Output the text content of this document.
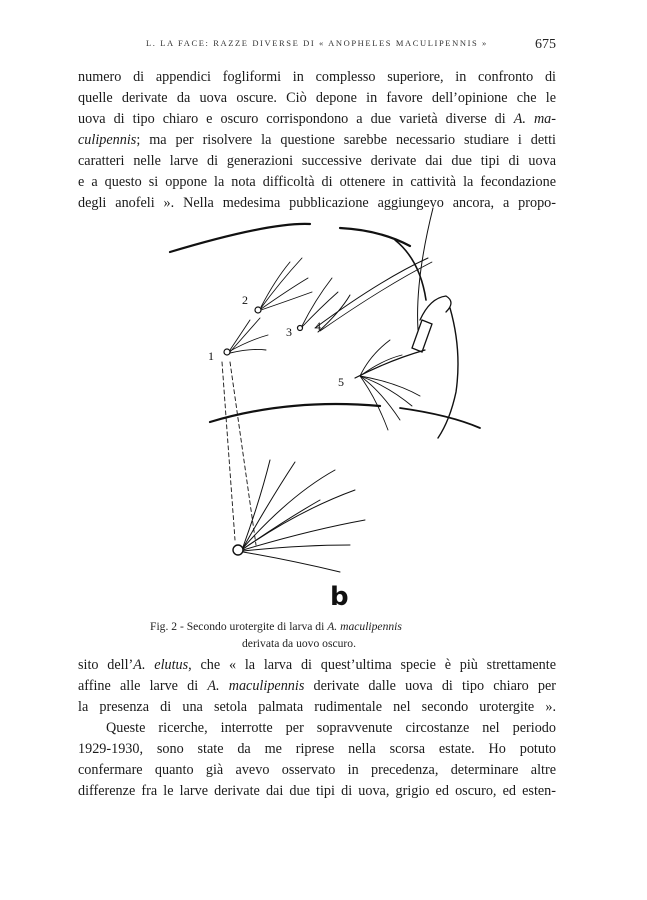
L. LA FACE: RAZZE DIVERSE DI « ANOPHELES MACULIPENNIS »	675

numero di appendici fogliformi in complesso superiore, in confronto di
quelle derivate da uova oscure. Ciò depone in favore dell’opinione che le
uova di tipo chiaro e oscuro corrispondono a due varietà diverse di A. ma-
culipennis; ma per risolvere la questione sarebbe necessario studiare i detti
caratteri nelle larve di generazioni successive derivate dai due tipi di uova
e a questo si oppone la nota difficoltà di ottenere in cattività la fecondazione
degli anofeli ». Nella medesima pubblicazione aggiungevo ancora, a propo-

1
2
3 4
5
b
Fig. 2 - Secondo urotergite di larva di A. maculipennis
derivata da uovo oscuro.

sito dell’A. elutus, che « la larva di quest’ultima specie è più strettamente
affine alle larve di A. maculipennis derivate dalle uova di tipo chiaro per
la presenza di una setola palmata rudimentale nel secondo urotergite ».
Queste ricerche, interrotte per sopravvenute circostanze nel periodo
1929-1930, sono state da me riprese nella scorsa estate. Ho potuto
confermare quanto già avevo osservato in precedenza, determinare altre
differenze fra le larve derivate dai due tipi di uova, grigio ed oscuro, ed esten-
